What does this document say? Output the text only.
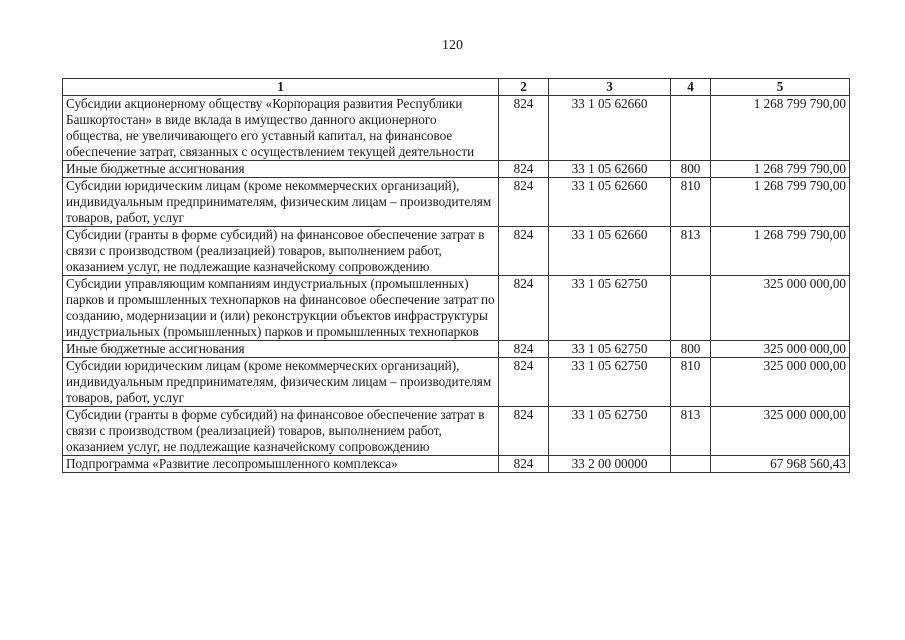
120
1	2	3	4	5
Субсидии акционерному обществу «Корпорация развития Республики Башкортостан» в виде вклада в имущество данного акционерного общества, не увеличивающего его уставный капитал, на финансовое обеспечение затрат, связанных с осуществлением текущей деятельности	824	33 1 05 62660		1 268 799 790,00
Иные бюджетные ассигнования	824	33 1 05 62660	800	1 268 799 790,00
Субсидии юридическим лицам (кроме некоммерческих организаций), индивидуальным предпринимателям, физическим лицам – производителям товаров, работ, услуг	824	33 1 05 62660	810	1 268 799 790,00
Субсидии (гранты в форме субсидий) на финансовое обеспечение затрат в связи с производством (реализацией) товаров, выполнением работ, оказанием услуг, не подлежащие казначейскому сопровождению	824	33 1 05 62660	813	1 268 799 790,00
Субсидии управляющим компаниям индустриальных (промышленных) парков и промышленных технопарков на финансовое обеспечение затрат по созданию, модернизации и (или) реконструкции объектов инфраструктуры индустриальных (промышленных) парков и промышленных технопарков	824	33 1 05 62750		325 000 000,00
Иные бюджетные ассигнования	824	33 1 05 62750	800	325 000 000,00
Субсидии юридическим лицам (кроме некоммерческих организаций), индивидуальным предпринимателям, физическим лицам – производителям товаров, работ, услуг	824	33 1 05 62750	810	325 000 000,00
Субсидии (гранты в форме субсидий) на финансовое обеспечение затрат в связи с производством (реализацией) товаров, выполнением работ, оказанием услуг, не подлежащие казначейскому сопровождению	824	33 1 05 62750	813	325 000 000,00
Подпрограмма «Развитие лесопромышленного комплекса»	824	33 2 00 00000		67 968 560,43
